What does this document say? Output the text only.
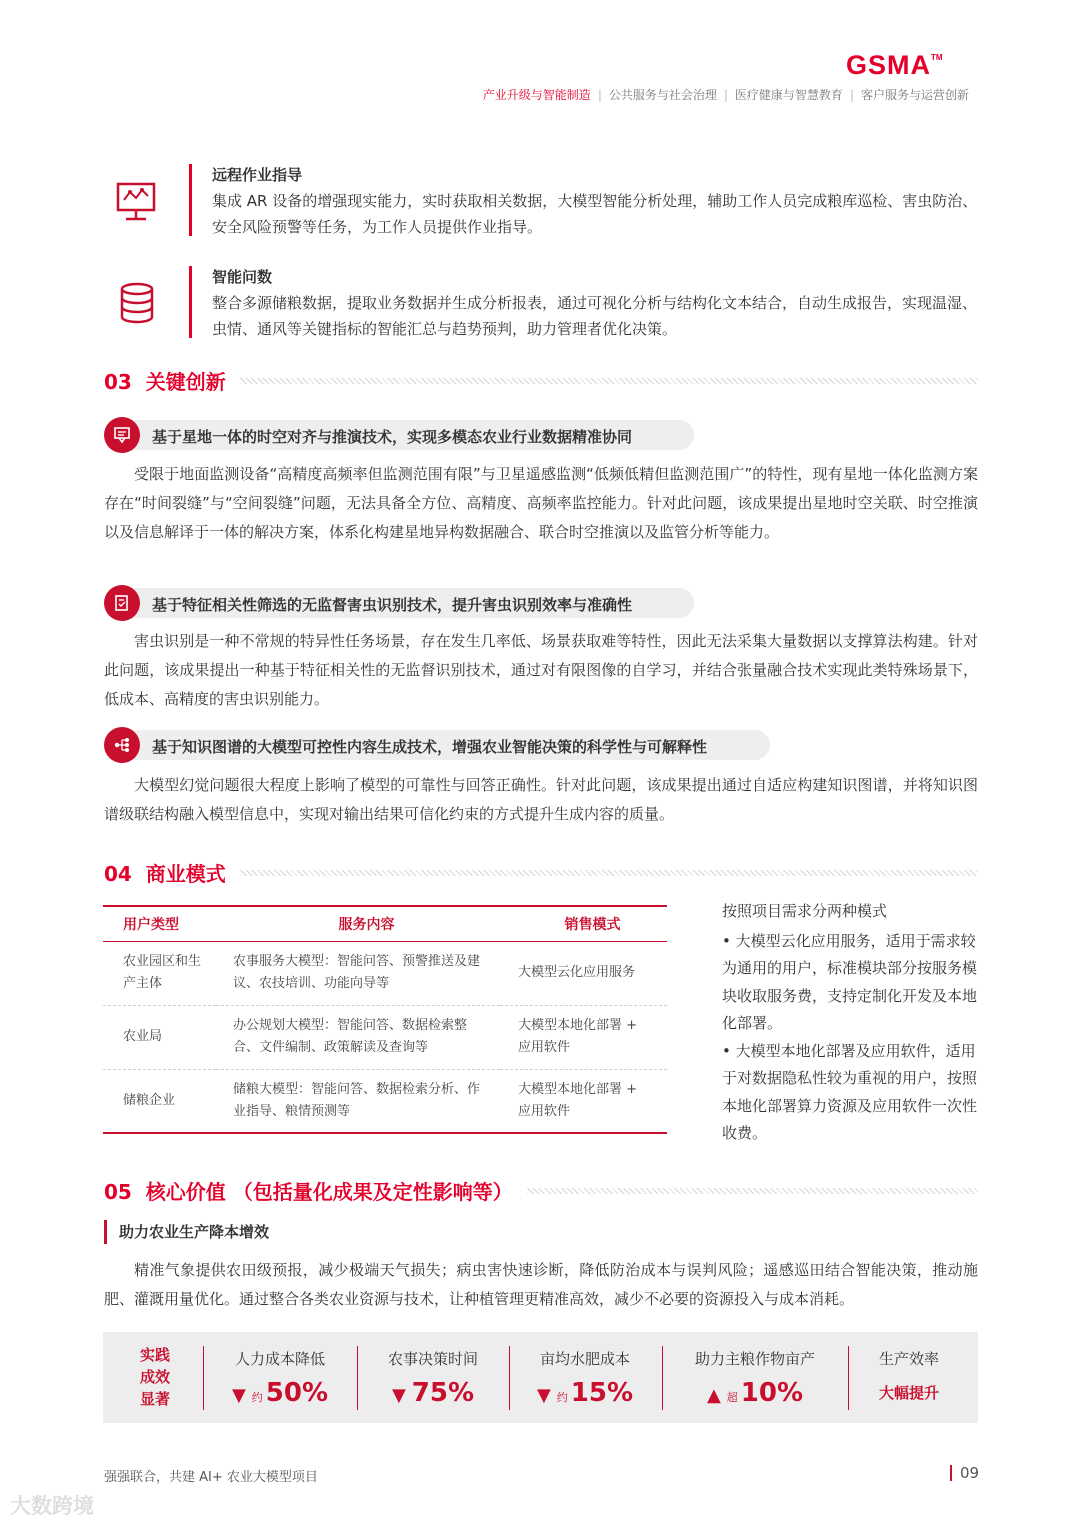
GSMA™
产业升级与智能制造 | 公共服务与社会治理 | 医疗健康与智慧教育 | 客户服务与运营创新
远程作业指导
集成 AR 设备的增强现实能力，实时获取相关数据，大模型智能分析处理，辅助工作人员完成粮库巡检、害虫防治、安全风险预警等任务，为工作人员提供作业指导。
智能问数
整合多源储粮数据，提取业务数据并生成分析报表，通过可视化分析与结构化文本结合，自动生成报告，实现温湿、虫情、通风等关键指标的智能汇总与趋势预判，助力管理者优化决策。
03  关键创新
基于星地一体的时空对齐与推演技术，实现多模态农业行业数据精准协同
受限于地面监测设备“高精度高频率但监测范围有限”与卫星遥感监测“低频低精但监测范围广”的特性，现有星地一体化监测方案存在“时间裂缝”与“空间裂缝”问题，无法具备全方位、高精度、高频率监控能力。针对此问题，该成果提出星地时空关联、时空推演以及信息解译于一体的解决方案，体系化构建星地异构数据融合、联合时空推演以及监管分析等能力。
基于特征相关性筛选的无监督害虫识别技术，提升害虫识别效率与准确性
害虫识别是一种不常规的特异性任务场景，存在发生几率低、场景获取难等特性，因此无法采集大量数据以支撑算法构建。针对此问题，该成果提出一种基于特征相关性的无监督识别技术，通过对有限图像的自学习，并结合张量融合技术实现此类特殊场景下，低成本、高精度的害虫识别能力。
基于知识图谱的大模型可控性内容生成技术，增强农业智能决策的科学性与可解释性
大模型幻觉问题很大程度上影响了模型的可靠性与回答正确性。针对此问题，该成果提出通过自适应构建知识图谱，并将知识图谱级联结构融入模型信息中，实现对输出结果可信化约束的方式提升生成内容的质量。
04  商业模式
用户类型	服务内容	销售模式

农业园区和生产主体	农事服务大模型：智能问答、预警推送及建议、农技培训、功能向导等	大模型云化应用服务
农业局	办公规划大模型：智能问答、数据检索整合、文件编制、政策解读及查询等	大模型本地化部署 + 应用软件

储粮企业	储粮大模型：智能问答、数据检索分析、作业指导、粮情预测等	大模型本地化部署 + 应用软件
按照项目需求分两种模式
• 大模型云化应用服务，适用于需求较为通用的用户，标准模块部分按服务模块收取服务费，支持定制化开发及本地化部署。
• 大模型本地化部署及应用软件，适用于对数据隐私性较为重视的用户，按照本地化部署算力资源及应用软件一次性收费。
05  核心价值 （包括量化成果及定性影响等）
助力农业生产降本增效
精准气象提供农田级预报，减少极端天气损失；病虫害快速诊断，降低防治成本与误判风险；遥感巡田结合智能决策，推动施肥、灌溉用量优化。通过整合各类农业资源与技术，让种植管理更精准高效，减少不必要的资源投入与成本消耗。
实践成效显著
人力成本降低
▼ 约 50%
农事决策时间
▼ 75%
亩均水肥成本
▼ 约 15%
助力主粮作物亩产
▲ 超 10%
生产效率
大幅提升
强强联合，共建 AI+ 农业大模型项目	09
大数跨境
